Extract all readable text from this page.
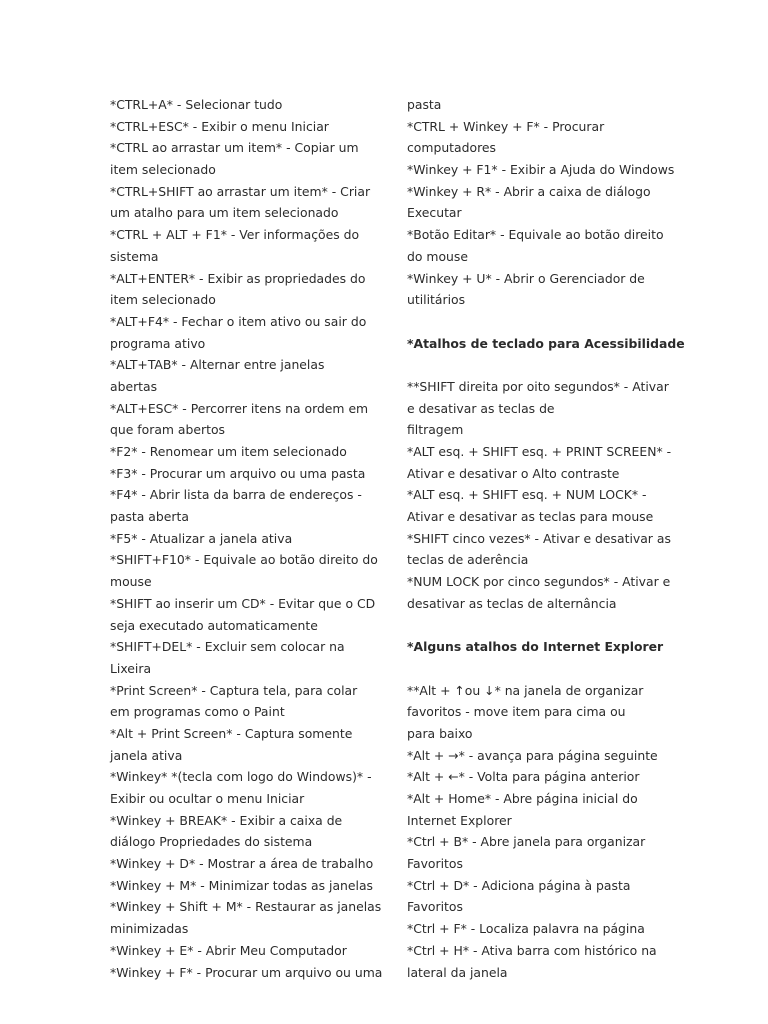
*CTRL+A* - Selecionar tudo
*CTRL+ESC* - Exibir o menu Iniciar
*CTRL ao arrastar um item* - Copiar um
item selecionado
*CTRL+SHIFT ao arrastar um item* - Criar
um atalho para um item selecionado
*CTRL + ALT + F1* - Ver informações do
sistema
*ALT+ENTER* - Exibir as propriedades do
item selecionado
*ALT+F4* - Fechar o item ativo ou sair do
programa ativo
*ALT+TAB* - Alternar entre janelas
abertas
*ALT+ESC* - Percorrer itens na ordem em
que foram abertos
*F2* - Renomear um item selecionado
*F3* - Procurar um arquivo ou uma pasta
*F4* - Abrir lista da barra de endereços -
pasta aberta
*F5* - Atualizar a janela ativa
*SHIFT+F10* - Equivale ao botão direito do
mouse
*SHIFT ao inserir um CD* - Evitar que o CD
seja executado automaticamente
*SHIFT+DEL* - Excluir sem colocar na
Lixeira
*Print Screen* - Captura tela, para colar
em programas como o Paint
*Alt + Print Screen* - Captura somente
janela ativa
*Winkey* *(tecla com logo do Windows)* -
Exibir ou ocultar o menu Iniciar
*Winkey + BREAK* - Exibir a caixa de
diálogo Propriedades do sistema
*Winkey + D* - Mostrar a área de trabalho
*Winkey + M* - Minimizar todas as janelas
*Winkey + Shift + M* - Restaurar as janelas
minimizadas
*Winkey + E* - Abrir Meu Computador
*Winkey + F* - Procurar um arquivo ou uma
pasta
*CTRL + Winkey + F* - Procurar
computadores
*Winkey + F1* - Exibir a Ajuda do Windows
*Winkey + R* - Abrir a caixa de diálogo
Executar
*Botão Editar* - Equivale ao botão direito
do mouse
*Winkey + U* - Abrir o Gerenciador de
utilitários
*Atalhos de teclado para Acessibilidade
**SHIFT direita por oito segundos* - Ativar
e desativar as teclas de
filtragem
*ALT esq. + SHIFT esq. + PRINT SCREEN* -
Ativar e desativar o Alto contraste
*ALT esq. + SHIFT esq. + NUM LOCK* -
Ativar e desativar as teclas para mouse
*SHIFT cinco vezes* - Ativar e desativar as
teclas de aderência
*NUM LOCK por cinco segundos* - Ativar e
desativar as teclas de alternância
*Alguns atalhos do Internet Explorer
**Alt + ↑ou ↓* na janela de organizar
favoritos - move item para cima ou
para baixo
*Alt + →* - avança para página seguinte
*Alt + ←* - Volta para página anterior
*Alt + Home* - Abre página inicial do
Internet Explorer
*Ctrl + B* - Abre janela para organizar
Favoritos
*Ctrl + D* - Adiciona página à pasta
Favoritos
*Ctrl + F* - Localiza palavra na página
*Ctrl + H* - Ativa barra com histórico na
lateral da janela
